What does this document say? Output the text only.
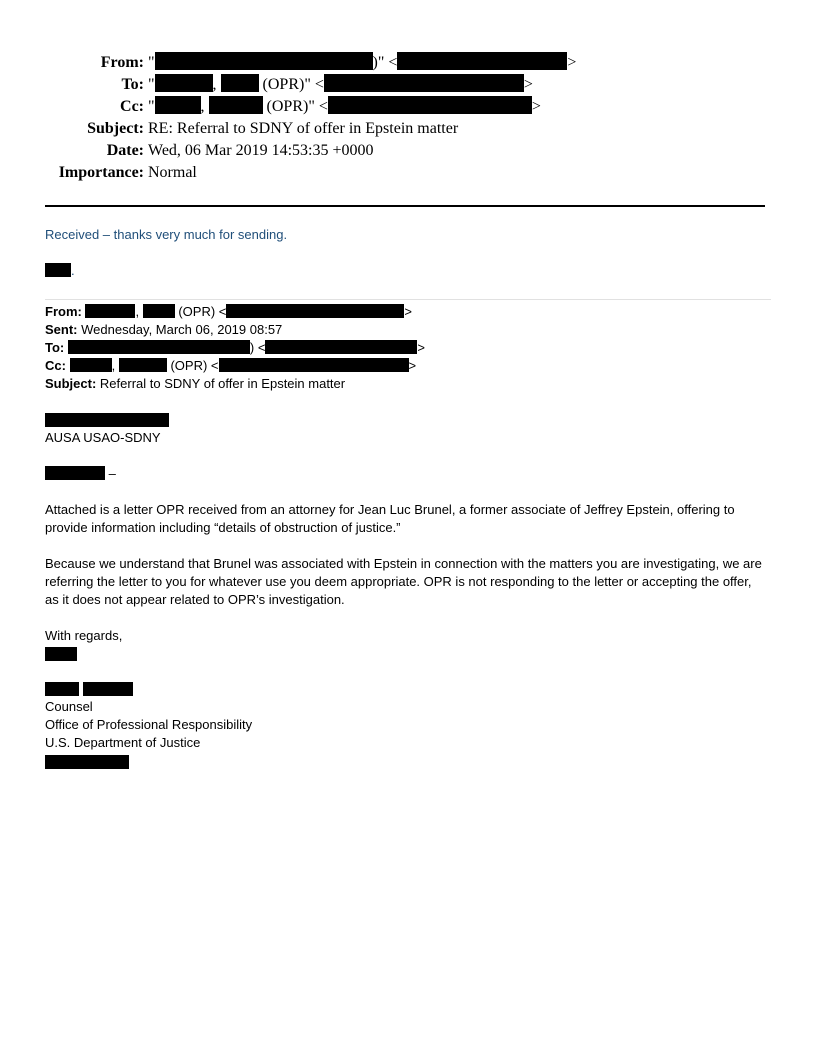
From: "	)" <	>
To: "	,	(OPR)" <	>
Cc: "	,	(OPR)" <	>
Subject: RE: Referral to SDNY of offer in Epstein matter
Date: Wed, 06 Mar 2019 14:53:35 +0000
Importance: Normal
Received – thanks very much for sending.
.
From:	,	(OPR) <	>
Sent: Wednesday, March 06, 2019 08:57
To:	) <	>
Cc:	,	(OPR) <	>
Subject: Referral to SDNY of offer in Epstein matter
AUSA USAO-SDNY
–
Attached is a letter OPR received from an attorney for Jean Luc Brunel, a former associate of Jeffrey Epstein, offering to provide information including “details of obstruction of justice.”
Because we understand that Brunel was associated with Epstein in connection with the matters you are investigating, we are referring the letter to you for whatever use you deem appropriate. OPR is not responding to the letter or accepting the offer, as it does not appear related to OPR’s investigation.
With regards,

Counsel
Office of Professional Responsibility
U.S. Department of Justice
